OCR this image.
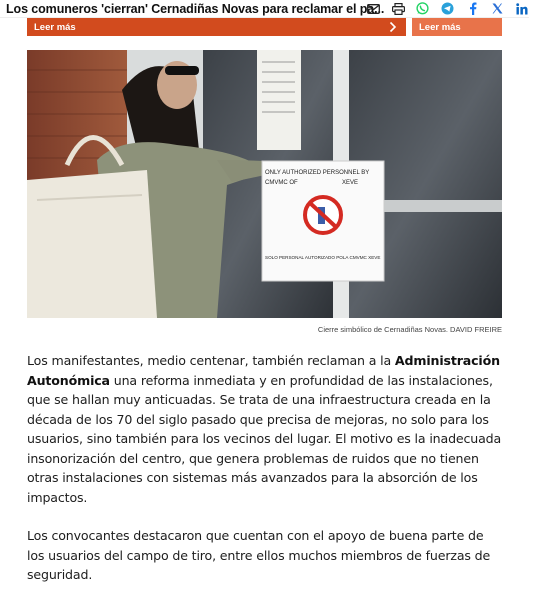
Los comuneros 'cierran' Cernadiñas Novas para reclamar el pa...
Leer más	Leer más
ONLY AUTHORIZED PERSONNEL BY
CMVMC OF	XEVE
SOLO PERSONAL AUTORIZADO POLA CMVMC XEVE
Cierre simbólico de Cernadiñas Novas. DAVID FREIRE

Los manifestantes, medio centenar, también reclaman a la Administración Autonómica una reforma inmediata y en profundidad de las instalaciones, que se hallan muy anticuadas. Se trata de una infraestructura creada en la década de los 70 del siglo pasado que precisa de mejoras, no solo para los usuarios, sino también para los vecinos del lugar. El motivo es la inadecuada insonorización del centro, que genera problemas de ruidos que no tienen otras instalaciones con sistemas más avanzados para la absorción de los impactos.

Los convocantes destacaron que cuentan con el apoyo de buena parte de los usuarios del campo de tiro, entre ellos muchos miembros de fuerzas de seguridad.
